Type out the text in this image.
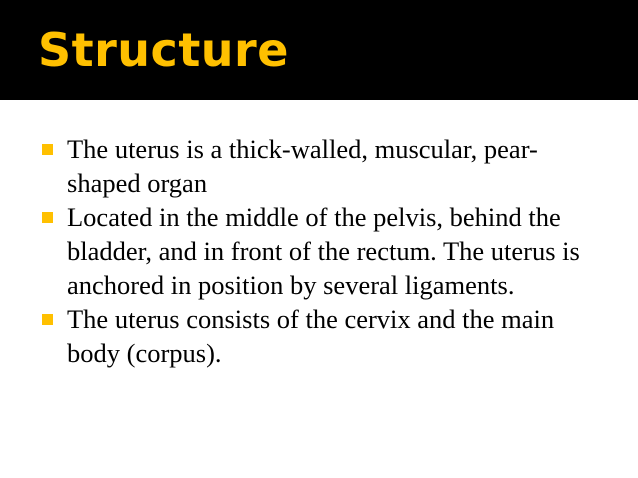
Structure
The uterus is a thick-walled, muscular, pear-shaped organ
Located in the middle of the pelvis, behind the bladder, and in front of the rectum. The uterus is anchored in position by several ligaments.
The uterus consists of the cervix and the main body (corpus).
